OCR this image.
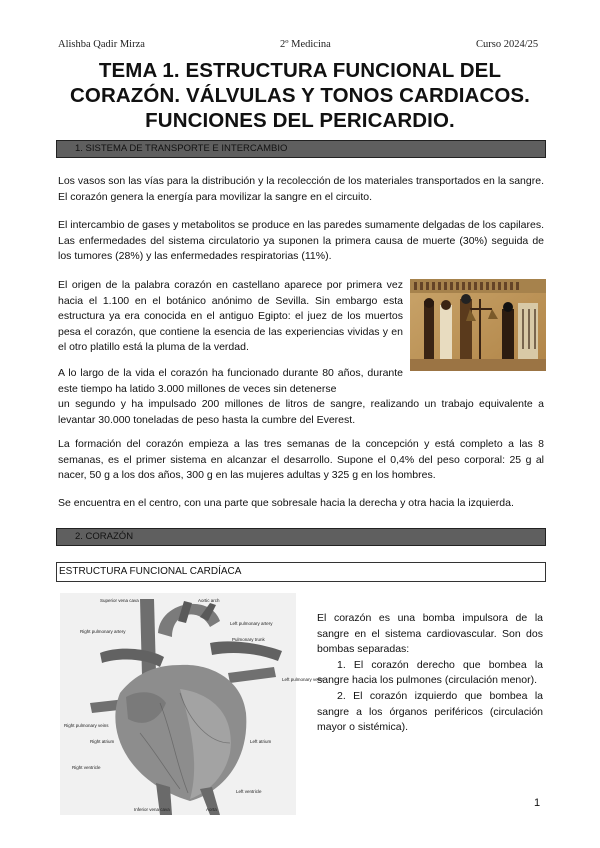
Alishba Qadir Mirza	2º Medicina	Curso 2024/25
TEMA 1. ESTRUCTURA FUNCIONAL DEL
CORAZÓN. VÁLVULAS Y TONOS CARDIACOS.
FUNCIONES DEL PERICARDIO.
1. SISTEMA DE TRANSPORTE E INTERCAMBIO
Los vasos son las vías para la distribución y la recolección de los materiales transportados en la sangre. El corazón genera la energía para movilizar la sangre en el circuito.
El intercambio de gases y metabolitos se produce en las paredes sumamente delgadas de los capilares. Las enfermedades del sistema circulatorio ya suponen la primera causa de muerte (30%) seguida de los tumores (28%) y las enfermedades respiratorias (11%).
El origen de la palabra corazón en castellano aparece por primera vez hacia el 1.100 en el botánico anónimo de Sevilla. Sin embargo esta estructura ya era conocida en el antiguo Egipto: el juez de los muertos pesa el corazón, que contiene la esencia de las experiencias vividas y en el otro platillo está la pluma de la verdad.
A lo largo de la vida el corazón ha funcionado durante 80 años, durante este tiempo ha latido 3.000 millones de veces sin detenerse
un segundo y ha impulsado 200 millones de litros de sangre, realizando un trabajo equivalente a levantar 30.000 toneladas de peso hasta la cumbre del Everest.
La formación del corazón empieza a las tres semanas de la concepción y está completo a las 8 semanas, es el primer sistema en alcanzar el desarrollo. Supone el 0,4% del peso corporal: 25 g al nacer, 50 g a los dos años, 300 g en las mujeres adultas y 325 g en los hombres.
Se encuentra en el centro, con una parte que sobresale hacia la derecha y otra hacia la izquierda.
2. CORAZÓN
ESTRUCTURA FUNCIONAL CARDÍACA
Superior vena cava	Aortic arch
Left pulmonary artery
Pulmonary trunk
Right pulmonary artery
Left pulmonary veins
Right pulmonary veins
Right atrium	Left atrium
Right ventricle
Left ventricle
Inferior vena cava	Aorta
El corazón es una bomba impulsora de la sangre en el sistema cardiovascular. Son dos bombas separadas:
1. El corazón derecho que bombea la sangre hacia los pulmones (circulación menor).
2. El corazón izquierdo que bombea la sangre a los órganos periféricos (circulación mayor o sistémica).
1
